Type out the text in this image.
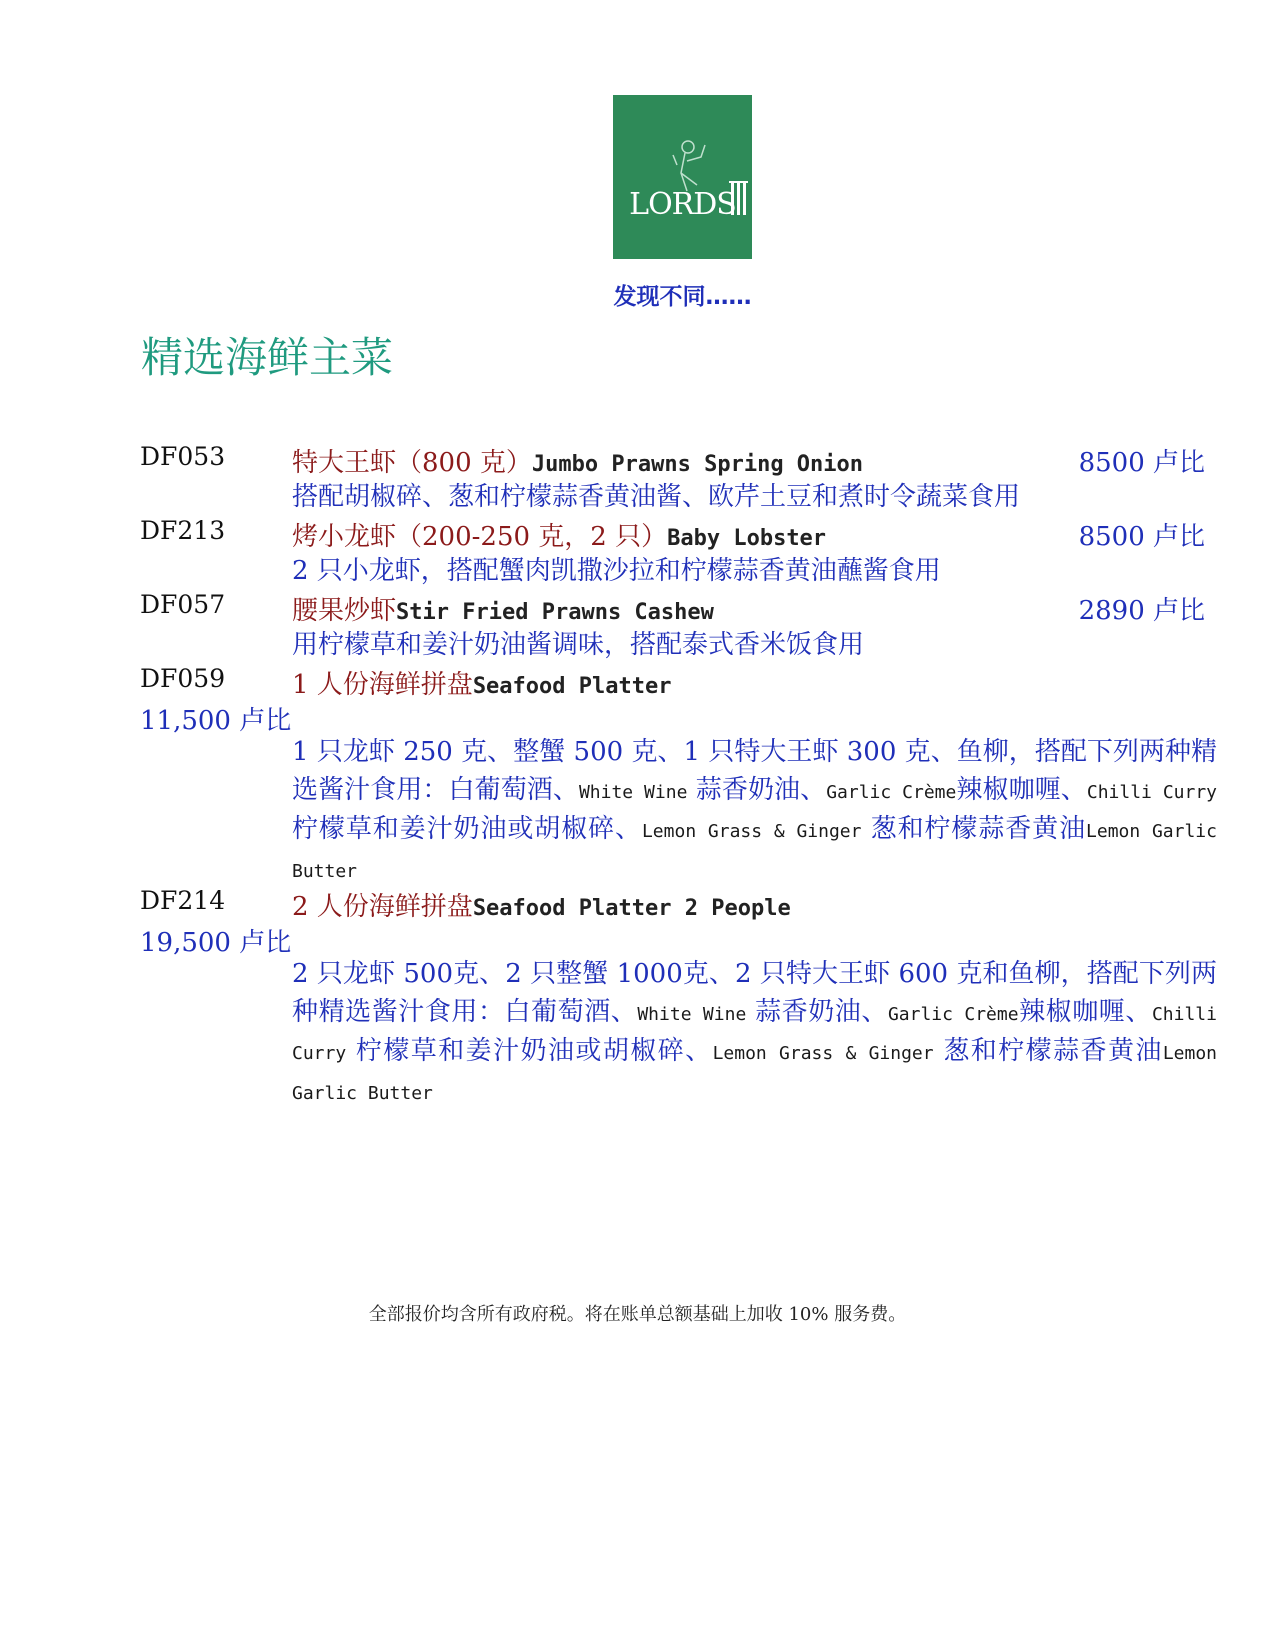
LORDS
发现不同……
精选海鲜主菜
DF053	特大王虾（800 克）Jumbo Prawns Spring Onion	8500 卢比
搭配胡椒碎、葱和柠檬蒜香黄油酱、欧芹土豆和煮时令蔬菜食用
DF213	烤小龙虾（200-250 克，2 只）Baby Lobster	8500 卢比
2 只小龙虾，搭配蟹肉凯撒沙拉和柠檬蒜香黄油蘸酱食用
DF057	腰果炒虾Stir Fried Prawns Cashew	2890 卢比
用柠檬草和姜汁奶油酱调味，搭配泰式香米饭食用
DF059	1 人份海鲜拼盘Seafood Platter
11,500 卢比
1 只龙虾 250 克、整蟹 500 克、1 只特大王虾 300 克、鱼柳，搭配下列两种精选酱汁食用：白葡萄酒、White Wine 蒜香奶油、Garlic Crème辣椒咖喱、Chilli Curry 柠檬草和姜汁奶油或胡椒碎、Lemon Grass & Ginger 葱和柠檬蒜香黄油Lemon Garlic Butter
DF214	2 人份海鲜拼盘Seafood Platter 2 People
19,500 卢比
2 只龙虾 500克、2 只整蟹 1000克、2 只特大王虾 600 克和鱼柳，搭配下列两种精选酱汁食用：白葡萄酒、White Wine 蒜香奶油、Garlic Crème辣椒咖喱、Chilli Curry 柠檬草和姜汁奶油或胡椒碎、Lemon Grass & Ginger 葱和柠檬蒜香黄油Lemon Garlic Butter
全部报价均含所有政府税。将在账单总额基础上加收 10% 服务费。
